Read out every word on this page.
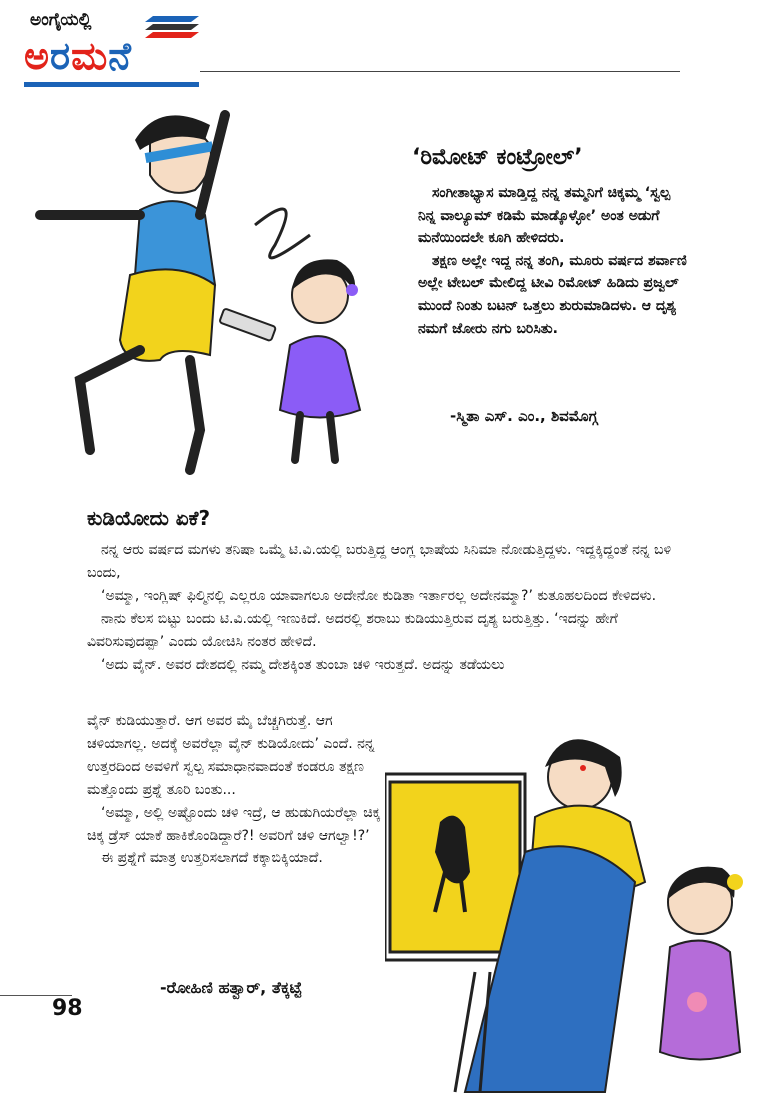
ಅಂಗೈಯಲ್ಲಿ
ಅರಮನೆ
‘ರಿಮೋಟ್ ಕಂಟ್ರೋಲ್’

ಸಂಗೀತಾಭ್ಯಾಸ ಮಾಡ್ತಿದ್ದ ನನ್ನ ತಮ್ಮನಿಗೆ ಚಿಕ್ಕಮ್ಮ ‘ಸ್ವಲ್ಪ ನಿನ್ನ ವಾಲ್ಯೂಮ್ ಕಡಿಮೆ ಮಾಡ್ಕೊಳ್ಳೋ’ ಅಂತ ಅಡುಗೆ ಮನೆಯಿಂದಲೇ ಕೂಗಿ ಹೇಳಿದರು.

ತಕ್ಷಣ ಅಲ್ಲೇ ಇದ್ದ ನನ್ನ ತಂಗಿ, ಮೂರು ವರ್ಷದ ಶರ್ವಾಣಿ ಅಲ್ಲೇ ಟೇಬಲ್ ಮೇಲಿದ್ದ ಟೀವಿ ರಿಮೋಟ್ ಹಿಡಿದು ಪ್ರಜ್ವಲ್ ಮುಂದೆ ನಿಂತು ಬಟನ್ ಒತ್ತಲು ಶುರುಮಾಡಿದಳು. ಆ ದೃಶ್ಯ ನಮಗೆ ಜೋರು ನಗು ಬರಿಸಿತು.

-ಸ್ಮಿತಾ ಎಸ್. ಎಂ., ಶಿವಮೊಗ್ಗ
ಕುಡಿಯೋದು ಏಕೆ?

ನನ್ನ ಆರು ವರ್ಷದ ಮಗಳು ತನಿಷಾ ಒಮ್ಮೆ ಟಿ.ವಿ.ಯಲ್ಲಿ ಬರುತ್ತಿದ್ದ ಆಂಗ್ಲ ಭಾಷೆಯ ಸಿನಿಮಾ ನೋಡುತ್ತಿದ್ದಳು. ಇದ್ದಕ್ಕಿದ್ದಂತೆ ನನ್ನ ಬಳಿ ಬಂದು,

‘ಅಮ್ಮಾ, ಇಂಗ್ಲಿಷ್ ಫಿಲ್ಮಿನಲ್ಲಿ ಎಲ್ಲರೂ ಯಾವಾಗಲೂ ಅದೇನೋ ಕುಡಿತಾ ಇರ್ತಾರಲ್ಲ ಅದೇನಮ್ಮಾ?’ ಕುತೂಹಲದಿಂದ ಕೇಳಿದಳು.

ನಾನು ಕೆಲಸ ಬಿಟ್ಟು ಬಂದು ಟಿ.ವಿ.ಯಲ್ಲಿ ಇಣುಕಿದೆ. ಅದರಲ್ಲಿ ಶರಾಬು ಕುಡಿಯುತ್ತಿರುವ ದೃಶ್ಯ ಬರುತ್ತಿತ್ತು. ‘ಇದನ್ನು ಹೇಗೆ ವಿವರಿಸುವುದಪ್ಪಾ’ ಎಂದು ಯೋಚಿಸಿ ನಂತರ ಹೇಳಿದೆ.

‘ಅದು ವೈನ್. ಅವರ ದೇಶದಲ್ಲಿ ನಮ್ಮ ದೇಶಕ್ಕಿಂತ ತುಂಬಾ ಚಳಿ ಇರುತ್ತದೆ. ಅದನ್ನು ತಡೆಯಲು

ವೈನ್ ಕುಡಿಯುತ್ತಾರೆ. ಆಗ ಅವರ ಮೈ ಬೆಚ್ಚಗಿರುತ್ತೆ. ಆಗ ಚಳಿಯಾಗಲ್ಲ. ಅದಕ್ಕೆ ಅವರೆಲ್ಲಾ ವೈನ್ ಕುಡಿಯೋದು’ ಎಂದೆ. ನನ್ನ ಉತ್ತರದಿಂದ ಅವಳಿಗೆ ಸ್ವಲ್ಪ ಸಮಾಧಾನವಾದಂತೆ ಕಂಡರೂ ತಕ್ಷಣ ಮತ್ತೊಂದು ಪ್ರಶ್ನೆ ತೂರಿ ಬಂತು...

‘ಅಮ್ಮಾ, ಅಲ್ಲಿ ಅಷ್ಟೊಂದು ಚಳಿ ಇದ್ರೆ, ಆ ಹುಡುಗಿಯರೆಲ್ಲಾ ಚಿಕ್ಕ ಚಿಕ್ಕ ಡ್ರೆಸ್ ಯಾಕೆ ಹಾಕಿಕೊಂಡಿದ್ದಾರೆ?! ಅವರಿಗೆ ಚಳಿ ಆಗಲ್ವಾ!?’

ಈ ಪ್ರಶ್ನೆಗೆ ಮಾತ್ರ ಉತ್ತರಿಸಲಾಗದೆ ಕಕ್ಕಾಬಿಕ್ಕಿಯಾದೆ.

-ರೋಹಿಣಿ ಹತ್ವಾರ್, ತೆಕ್ಕಟ್ಟೆ
98
